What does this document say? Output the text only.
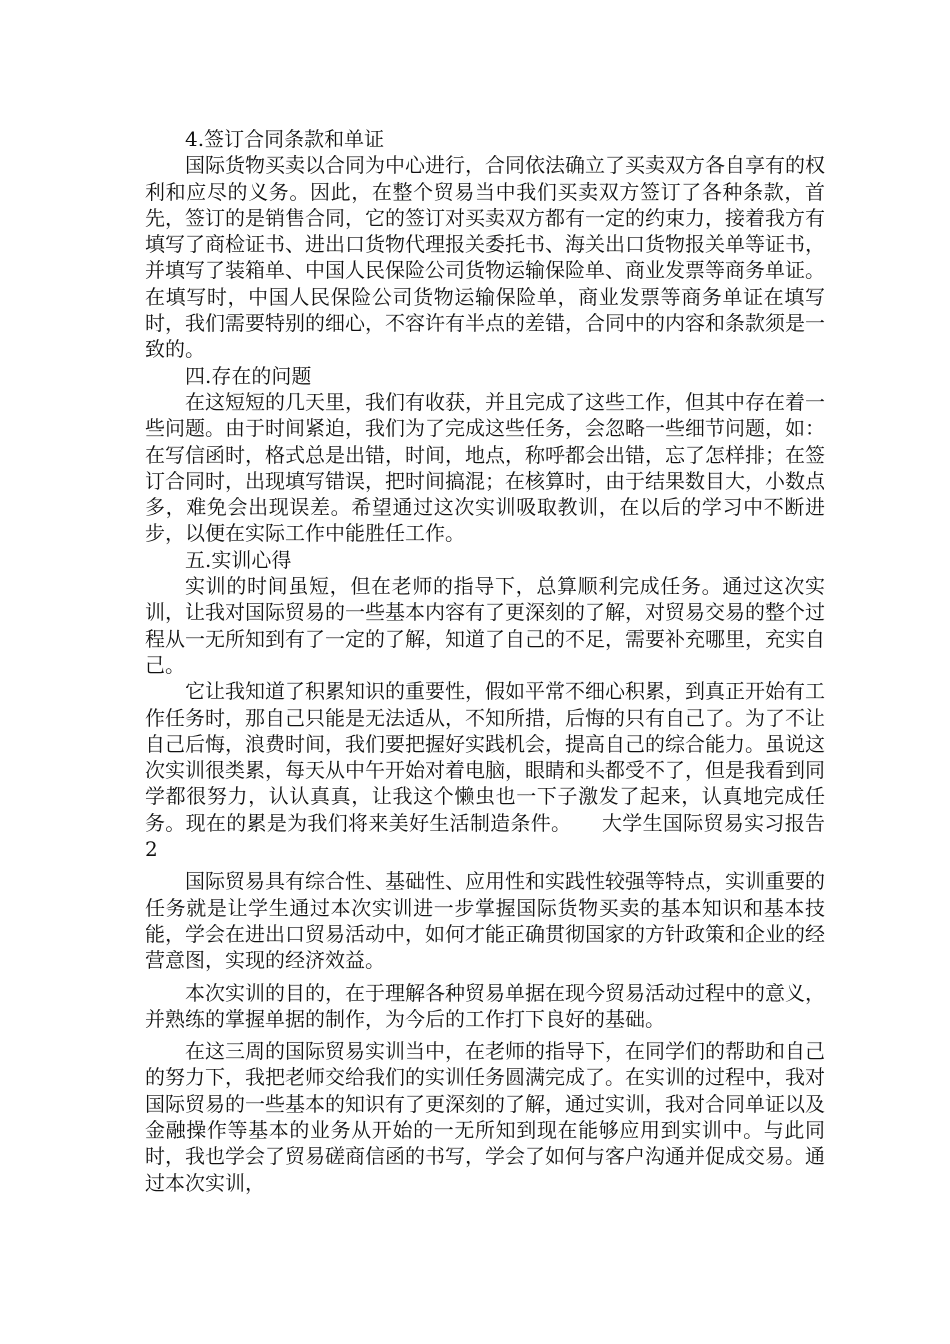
4.签订合同条款和单证

国际货物买卖以合同为中心进行，合同依法确立了买卖双方各自享有的权利和应尽的义务。因此，在整个贸易当中我们买卖双方签订了各种条款，首先，签订的是销售合同，它的签订对买卖双方都有一定的约束力，接着我方有填写了商检证书、进出口货物代理报关委托书、海关出口货物报关单等证书，并填写了装箱单、中国人民保险公司货物运输保险单、商业发票等商务单证。在填写时，中国人民保险公司货物运输保险单，商业发票等商务单证在填写时，我们需要特别的细心，不容许有半点的差错，合同中的内容和条款须是一致的。

四.存在的问题

在这短短的几天里，我们有收获，并且完成了这些工作，但其中存在着一些问题。由于时间紧迫，我们为了完成这些任务，会忽略一些细节问题，如：在写信函时，格式总是出错，时间，地点，称呼都会出错，忘了怎样排；在签订合同时，出现填写错误，把时间搞混；在核算时，由于结果数目大，小数点多，难免会出现误差。希望通过这次实训吸取教训，在以后的学习中不断进步，以便在实际工作中能胜任工作。

五.实训心得

实训的时间虽短，但在老师的指导下，总算顺利完成任务。通过这次实训，让我对国际贸易的一些基本内容有了更深刻的了解，对贸易交易的整个过程从一无所知到有了一定的了解，知道了自己的不足，需要补充哪里，充实自己。

它让我知道了积累知识的重要性，假如平常不细心积累，到真正开始有工作任务时，那自己只能是无法适从，不知所措，后悔的只有自己了。为了不让自己后悔，浪费时间，我们要把握好实践机会，提高自己的综合能力。虽说这次实训很类累，每天从中午开始对着电脑，眼睛和头都受不了，但是我看到同学都很努力，认认真真，让我这个懒虫也一下子激发了起来，认真地完成任务。现在的累是为我们将来美好生活制造条件。　　大学生国际贸易实习报告2

国际贸易具有综合性、基础性、应用性和实践性较强等特点，实训重要的任务就是让学生通过本次实训进一步掌握国际货物买卖的基本知识和基本技能，学会在进出口贸易活动中，如何才能正确贯彻国家的方针政策和企业的经营意图，实现的经济效益。

本次实训的目的，在于理解各种贸易单据在现今贸易活动过程中的意义，并熟练的掌握单据的制作，为今后的工作打下良好的基础。

在这三周的国际贸易实训当中，在老师的指导下，在同学们的帮助和自己的努力下，我把老师交给我们的实训任务圆满完成了。在实训的过程中，我对国际贸易的一些基本的知识有了更深刻的了解，通过实训，我对合同单证以及金融操作等基本的业务从开始的一无所知到现在能够应用到实训中。与此同时，我也学会了贸易磋商信函的书写，学会了如何与客户沟通并促成交易。通过本次实训，
